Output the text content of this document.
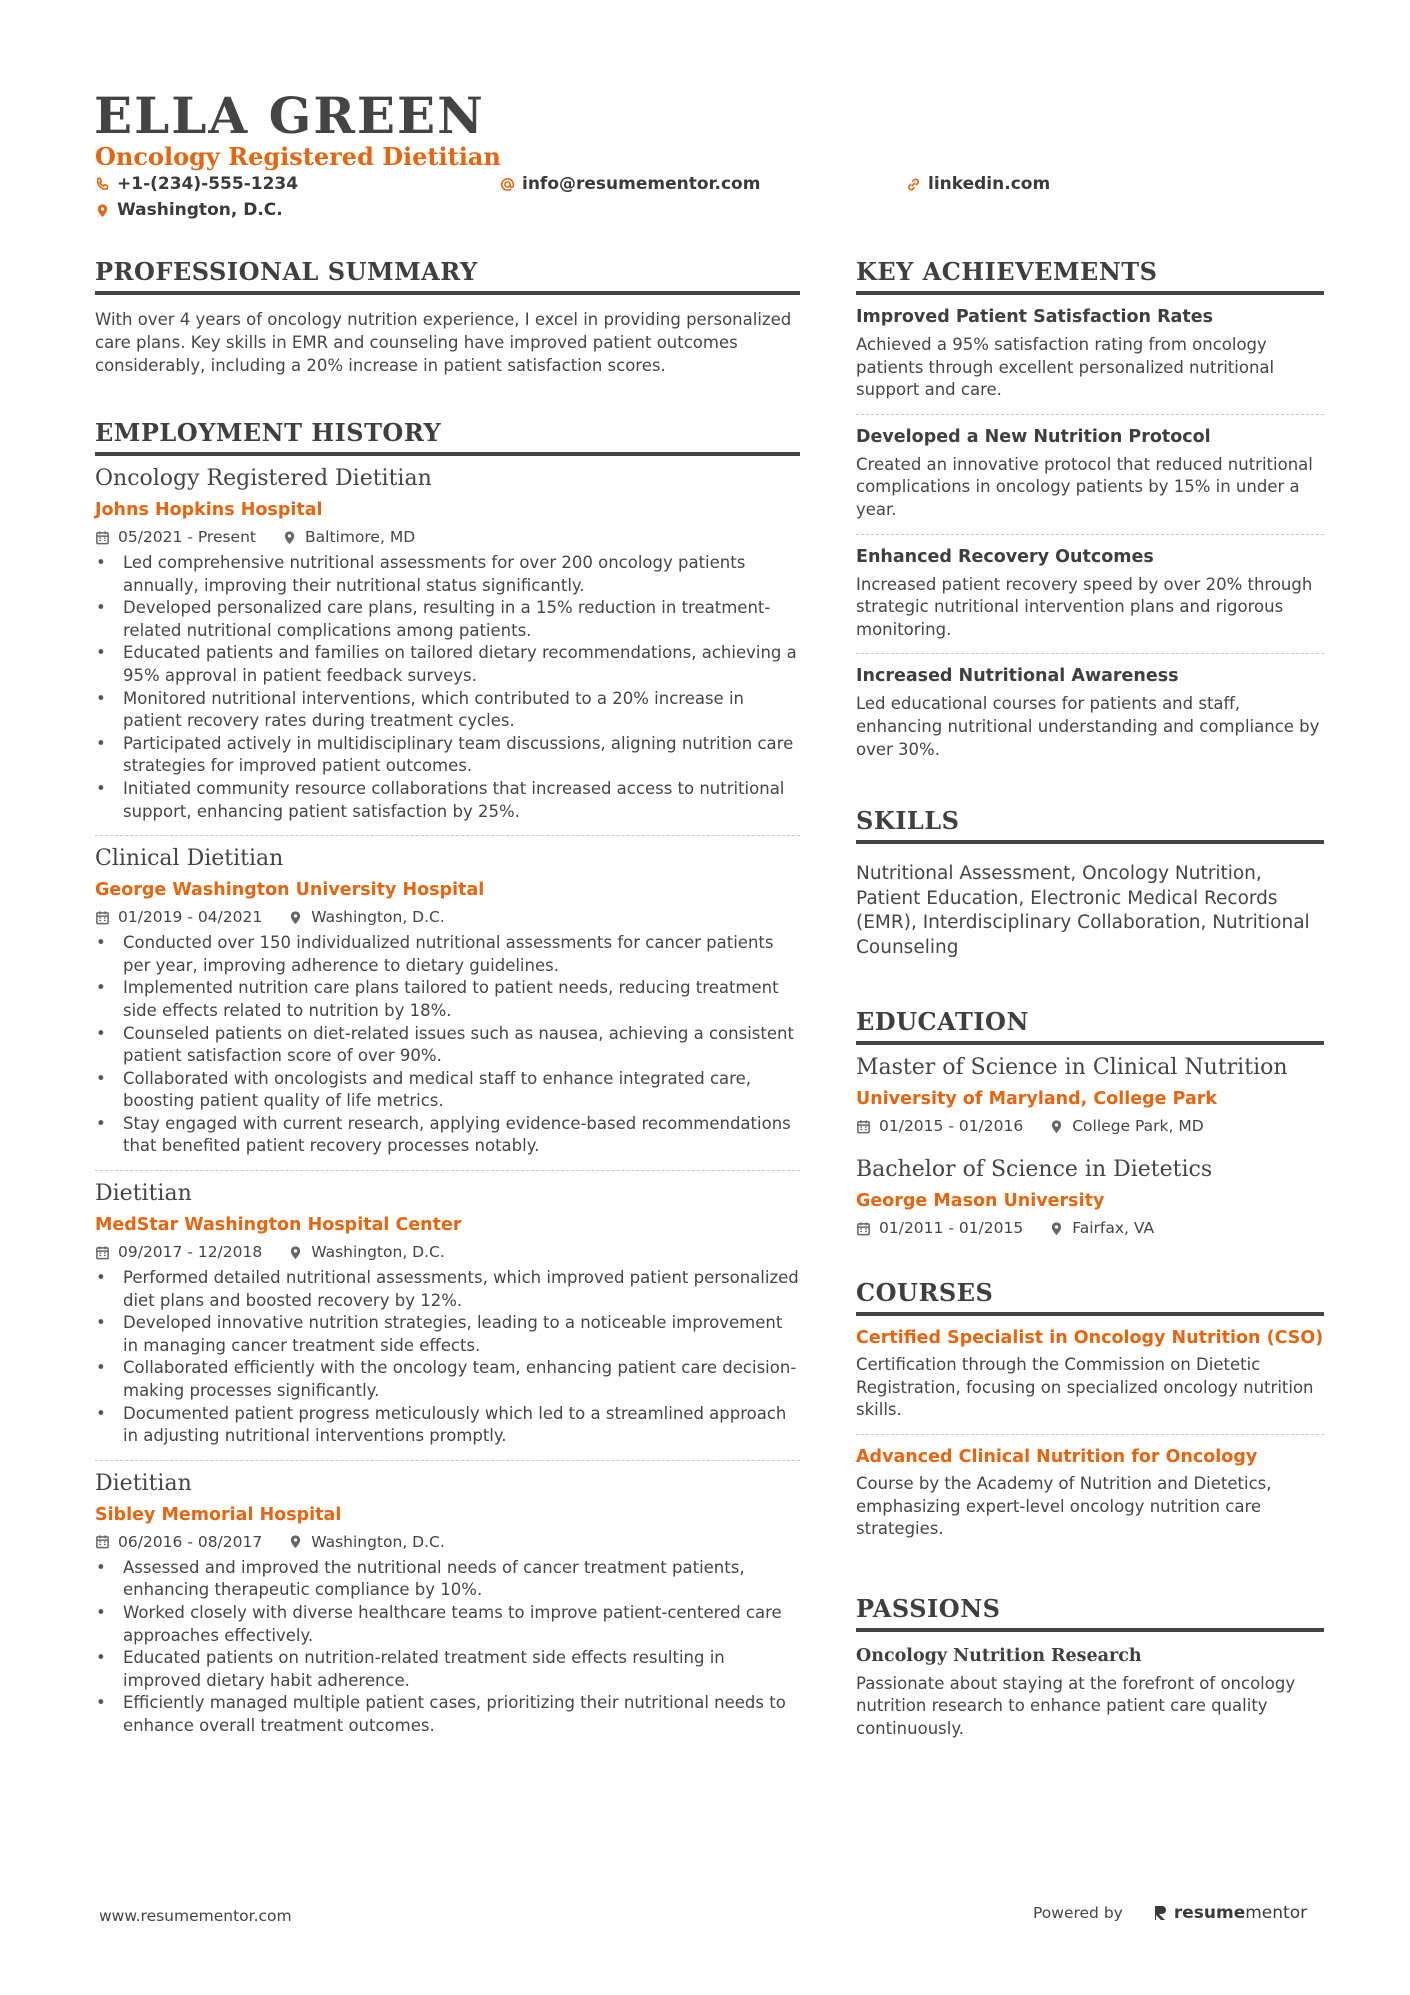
ELLA GREEN
Oncology Registered Dietitian
+1-(234)-555-1234	info@resumementor.com	linkedin.com
Washington, D.C.
PROFESSIONAL SUMMARY
With over 4 years of oncology nutrition experience, I excel in providing personalized care plans. Key skills in EMR and counseling have improved patient outcomes considerably, including a 20% increase in patient satisfaction scores.
EMPLOYMENT HISTORY
Oncology Registered Dietitian
Johns Hopkins Hospital
05/2021 - Present	Baltimore, MD
• Led comprehensive nutritional assessments for over 200 oncology patients annually, improving their nutritional status significantly.
• Developed personalized care plans, resulting in a 15% reduction in treatment-related nutritional complications among patients.
• Educated patients and families on tailored dietary recommendations, achieving a 95% approval in patient feedback surveys.
• Monitored nutritional interventions, which contributed to a 20% increase in patient recovery rates during treatment cycles.
• Participated actively in multidisciplinary team discussions, aligning nutrition care strategies for improved patient outcomes.
• Initiated community resource collaborations that increased access to nutritional support, enhancing patient satisfaction by 25%.
Clinical Dietitian
George Washington University Hospital
01/2019 - 04/2021	Washington, D.C.
• Conducted over 150 individualized nutritional assessments for cancer patients per year, improving adherence to dietary guidelines.
• Implemented nutrition care plans tailored to patient needs, reducing treatment side effects related to nutrition by 18%.
• Counseled patients on diet-related issues such as nausea, achieving a consistent patient satisfaction score of over 90%.
• Collaborated with oncologists and medical staff to enhance integrated care, boosting patient quality of life metrics.
• Stay engaged with current research, applying evidence-based recommendations that benefited patient recovery processes notably.
Dietitian
MedStar Washington Hospital Center
09/2017 - 12/2018	Washington, D.C.
• Performed detailed nutritional assessments, which improved patient personalized diet plans and boosted recovery by 12%.
• Developed innovative nutrition strategies, leading to a noticeable improvement in managing cancer treatment side effects.
• Collaborated efficiently with the oncology team, enhancing patient care decision-making processes significantly.
• Documented patient progress meticulously which led to a streamlined approach in adjusting nutritional interventions promptly.
Dietitian
Sibley Memorial Hospital
06/2016 - 08/2017	Washington, D.C.
• Assessed and improved the nutritional needs of cancer treatment patients, enhancing therapeutic compliance by 10%.
• Worked closely with diverse healthcare teams to improve patient-centered care approaches effectively.
• Educated patients on nutrition-related treatment side effects resulting in improved dietary habit adherence.
• Efficiently managed multiple patient cases, prioritizing their nutritional needs to enhance overall treatment outcomes.
KEY ACHIEVEMENTS
Improved Patient Satisfaction Rates
Achieved a 95% satisfaction rating from oncology patients through excellent personalized nutritional support and care.
Developed a New Nutrition Protocol
Created an innovative protocol that reduced nutritional complications in oncology patients by 15% in under a year.
Enhanced Recovery Outcomes
Increased patient recovery speed by over 20% through strategic nutritional intervention plans and rigorous monitoring.
Increased Nutritional Awareness
Led educational courses for patients and staff, enhancing nutritional understanding and compliance by over 30%.
SKILLS
Nutritional Assessment, Oncology Nutrition, Patient Education, Electronic Medical Records (EMR), Interdisciplinary Collaboration, Nutritional Counseling
EDUCATION
Master of Science in Clinical Nutrition
University of Maryland, College Park
01/2015 - 01/2016	College Park, MD
Bachelor of Science in Dietetics
George Mason University
01/2011 - 01/2015	Fairfax, VA
COURSES
Certified Specialist in Oncology Nutrition (CSO)
Certification through the Commission on Dietetic Registration, focusing on specialized oncology nutrition skills.
Advanced Clinical Nutrition for Oncology
Course by the Academy of Nutrition and Dietetics, emphasizing expert-level oncology nutrition care strategies.
PASSIONS
Oncology Nutrition Research
Passionate about staying at the forefront of oncology nutrition research to enhance patient care quality continuously.
www.resumementor.com	Powered by	resume mentor
